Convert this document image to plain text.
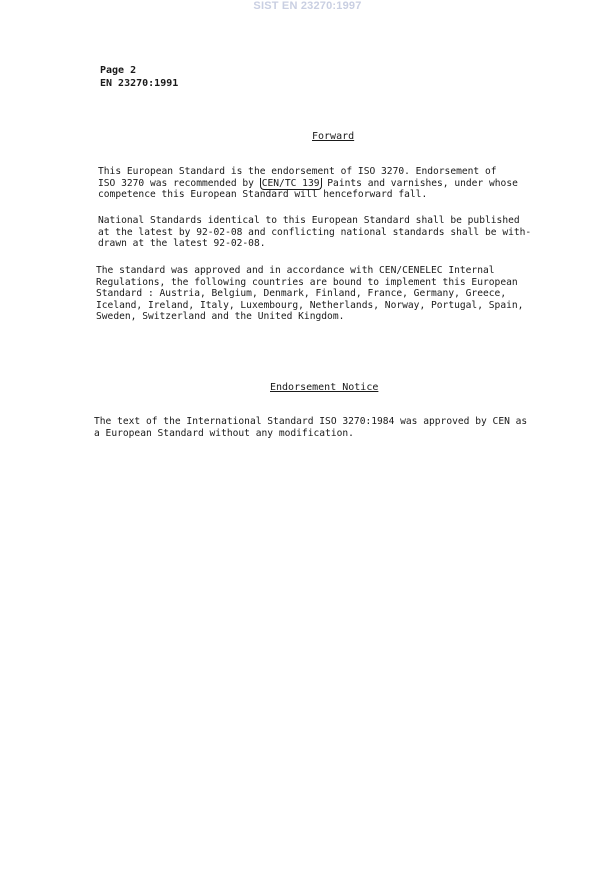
SIST EN 23270:1997
Page 2
EN 23270:1991
Forward
This European Standard is the endorsement of ISO 3270. Endorsement of
ISO 3270 was recommended by CEN/TC 139 Paints and varnishes, under whose
competence this European Standard will henceforward fall.
National Standards identical to this European Standard shall be published
at the latest by 92-02-08 and conflicting national standards shall be with-
drawn at the latest 92-02-08.
The standard was approved and in accordance with CEN/CENELEC Internal
Regulations, the following countries are bound to implement this European
Standard : Austria, Belgium, Denmark, Finland, France, Germany, Greece,
Iceland, Ireland, Italy, Luxembourg, Netherlands, Norway, Portugal, Spain,
Sweden, Switzerland and the United Kingdom.
Endorsement Notice
The text of the International Standard ISO 3270:1984 was approved by CEN as
a European Standard without any modification.
